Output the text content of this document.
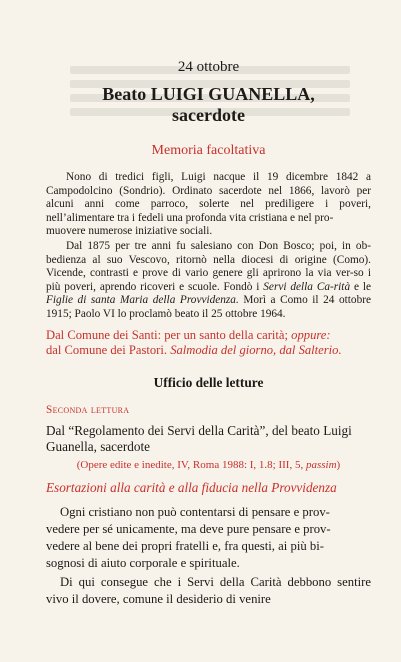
24 ottobre

Beato LUIGI GUANELLA,
sacerdote

Memoria facoltativa

Nono di tredici figli, Luigi nacque il 19 dicembre 1842 a Campodolcino (Sondrio). Ordinato sacerdote nel 1866, lavorò per alcuni anni come parroco, solerte nel prediligere i poveri, nell’alimentare tra i fedeli una profonda vita cristiana e nel pro-
muovere numerose iniziative sociali.

Dal 1875 per tre anni fu salesiano con Don Bosco; poi, in ob-bedienza al suo Vescovo, ritornò nella diocesi di origine (Como). Vicende, contrasti e prove di vario genere gli aprirono la via ver-so i più poveri, aprendo ricoveri e scuole. Fondò i Servi della Ca-rità e le Figlie di santa Maria della Provvidenza. Morì a Como il 24 ottobre 1915; Paolo VI lo proclamò beato il 25 ottobre 1964.

Dal Comune dei Santi: per un santo della carità; oppure:
dal Comune dei Pastori. Salmodia del giorno, dal Salterio.

Ufficio delle letture

Seconda lettura

Dal “Regolamento dei Servi della Carità”, del beato Luigi Guanella, sacerdote

(Opere edite e inedite, IV, Roma 1988: I, 1.8; III, 5, passim)

Esortazioni alla carità e alla fiducia nella Provvidenza

Ogni cristiano non può contentarsi di pensare e prov-
vedere per sé unicamente, ma deve pure pensare e prov-
vedere al bene dei propri fratelli e, fra questi, ai più bi-
sognosi di aiuto corporale e spirituale.

Di qui consegue che i Servi della Carità debbono sentire vivo il dovere, comune il desiderio di venire
